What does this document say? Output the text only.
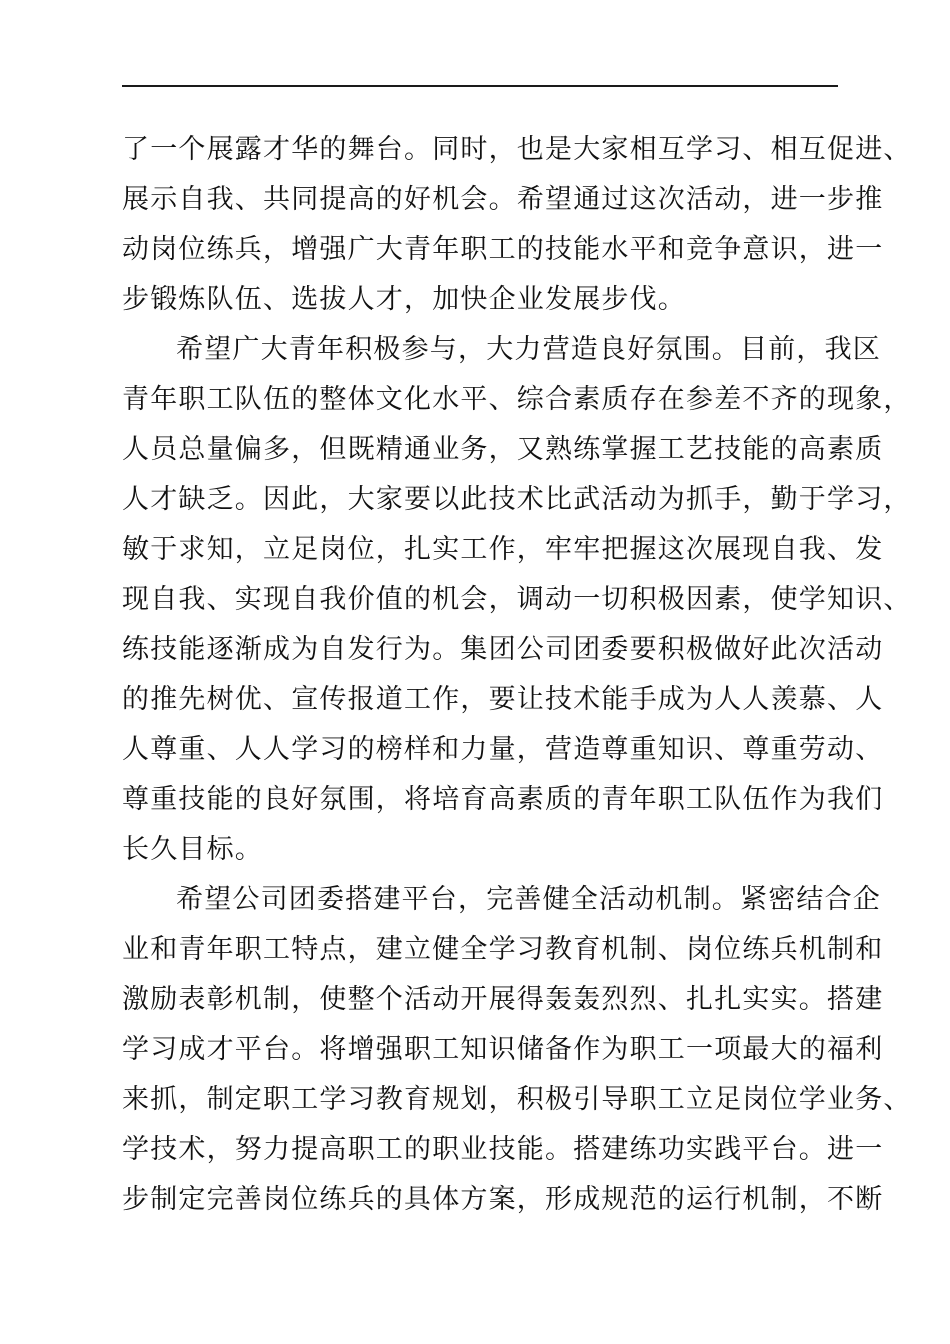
了一个展露才华的舞台。同时，也是大家相互学习、相互促进、
展示自我、共同提高的好机会。希望通过这次活动，进一步推
动岗位练兵，增强广大青年职工的技能水平和竞争意识，进一
步锻炼队伍、选拔人才，加快企业发展步伐。
希望广大青年积极参与，大力营造良好氛围。目前，我区
青年职工队伍的整体文化水平、综合素质存在参差不齐的现象，
人员总量偏多，但既精通业务，又熟练掌握工艺技能的高素质
人才缺乏。因此，大家要以此技术比武活动为抓手，勤于学习，
敏于求知，立足岗位，扎实工作，牢牢把握这次展现自我、发
现自我、实现自我价值的机会，调动一切积极因素，使学知识、
练技能逐渐成为自发行为。集团公司团委要积极做好此次活动
的推先树优、宣传报道工作，要让技术能手成为人人羡慕、人
人尊重、人人学习的榜样和力量，营造尊重知识、尊重劳动、
尊重技能的良好氛围，将培育高素质的青年职工队伍作为我们
长久目标。
希望公司团委搭建平台，完善健全活动机制。紧密结合企
业和青年职工特点，建立健全学习教育机制、岗位练兵机制和
激励表彰机制，使整个活动开展得轰轰烈烈、扎扎实实。搭建
学习成才平台。将增强职工知识储备作为职工一项最大的福利
来抓，制定职工学习教育规划，积极引导职工立足岗位学业务、
学技术，努力提高职工的职业技能。搭建练功实践平台。进一
步制定完善岗位练兵的具体方案，形成规范的运行机制，不断
